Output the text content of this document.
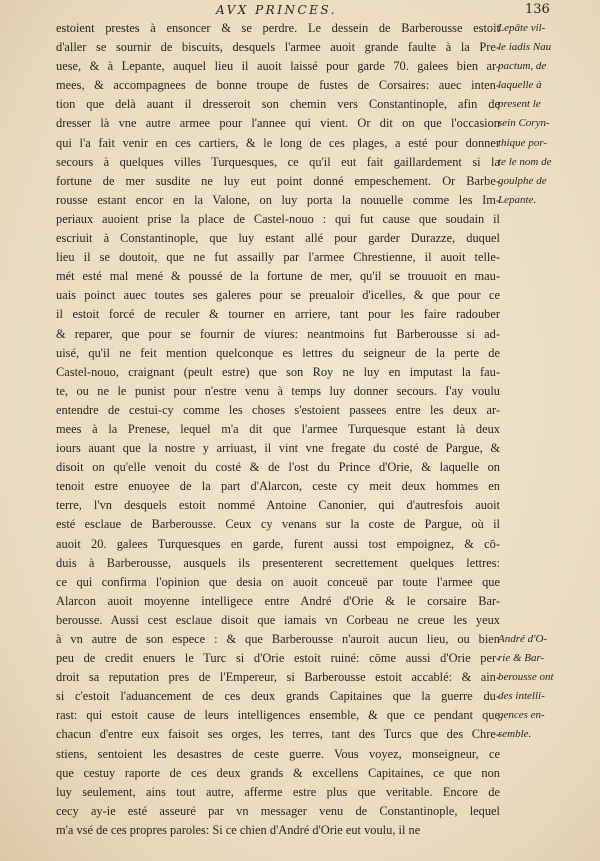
AVX PRINCES.	136
estoient prestes à ensoncer & se perdre. Le dessein de Barberousse estoit
d'aller se sournir de biscuits, desquels l'armee auoit grande faulte à la Pre-
uese, & à Lepante, auquel lieu il auoit laissé pour garde 70. galees bien ar-
mees, & accompagnees de bonne troupe de fustes de Corsaires: auec inten-
tion que delà auant il dresseroit son chemin vers Constantinople, afin de
dresser là vne autre armee pour l'annee qui vient. Or dit on que l'occasion
qui l'a fait venir en ces cartiers, & le long de ces plages, a esté pour donner
secours à quelques villes Turquesques, ce qu'il eut fait gaillardement si la
fortune de mer susdite ne luy eut point donné empeschement. Or Barbe-
rousse estant encor en la Valone, on luy porta la nouuelle comme les Im-
periaux auoient prise la place de Castel-nouo : qui fut cause que soudain il
escriuit à Constantinople, que luy estant allé pour garder Durazze, duquel
lieu il se doutoit, que ne fut assailly par l'armee Chrestienne, il auoit telle-
mét esté mal mené & poussé de la fortune de mer, qu'il se trouuoit en mau-
uais poinct auec toutes ses galeres pour se preualoir d'icelles, & que pour ce
il estoit forcé de reculer & tourner en arriere, tant pour les faire radouber
& reparer, que pour se fournir de viures: neantmoins fut Barberousse si ad-
uisé, qu'il ne feit mention quelconque es lettres du seigneur de la perte de
Castel-nouo, craignant (peult estre) que son Roy ne luy en imputast la fau-
te, ou ne le punist pour n'estre venu à temps luy donner secours. I'ay voulu
entendre de cestui-cy comme les choses s'estoient passees entre les deux ar-
mees à la Prenese, lequel m'a dit que l'armee Turquesque estant là deux
iours auant que la nostre y arriuast, il vint vne fregate du costé de Pargue, &
disoit on qu'elle venoit du costé & de l'ost du Prince d'Orie, & laquelle on
tenoit estre enuoyee de la part d'Alarcon, ceste cy meit deux hommes en
terre, l'vn desquels estoit nommé Antoine Canonier, qui d'autresfois auoit
esté esclaue de Barberousse. Ceux cy venans sur la coste de Pargue, où il
auoit 20. galees Turquesques en garde, furent aussi tost empoignez, & cō-
duis à Barberousse, ausquels ils presenterent secrettement quelques lettres:
ce qui confirma l'opinion que desia on auoit conceuë par toute l'armee que
Alarcon auoit moyenne intelligece entre André d'Orie & le corsaire Bar-
berousse. Aussi cest esclaue disoit que iamais vn Corbeau ne creue les yeux
à vn autre de son espece : & que Barberousse n'auroit aucun lieu, ou bien
peu de credit enuers le Turc si d'Orie estoit ruiné: cōme aussi d'Orie per-
droit sa reputation pres de l'Empereur, si Barberousse estoit accablé: & ain-
si c'estoit l'aduancement de ces deux grands Capitaines que la guerre du-
rast: qui estoit cause de leurs intelligences ensemble, & que ce pendant que
chacun d'entre eux faisoit ses orges, les terres, tant des Turcs que des Chre-
stiens, sentoient les desastres de ceste guerre. Vous voyez, monseigneur, ce
que cestuy raporte de ces deux grands & excellens Capitaines, ce que non
luy seulement, ains tout autre, afferme estre plus que veritable. Encore de
cecy ay-ie esté asseuré par vn messager venu de Constantinople, lequel
m'a vsé de ces propres paroles: Si ce chien d'André d'Orie eut voulu, il ne
Lepāte vil-
le iadis Nau
pactum, de
laquelle à
present le
sein Coryn-
thique por-
te le nom de
goulphe de
Lepante.
André d'O-
rie & Bar-
berousse ont
des intelli-
gences en-
semble.
